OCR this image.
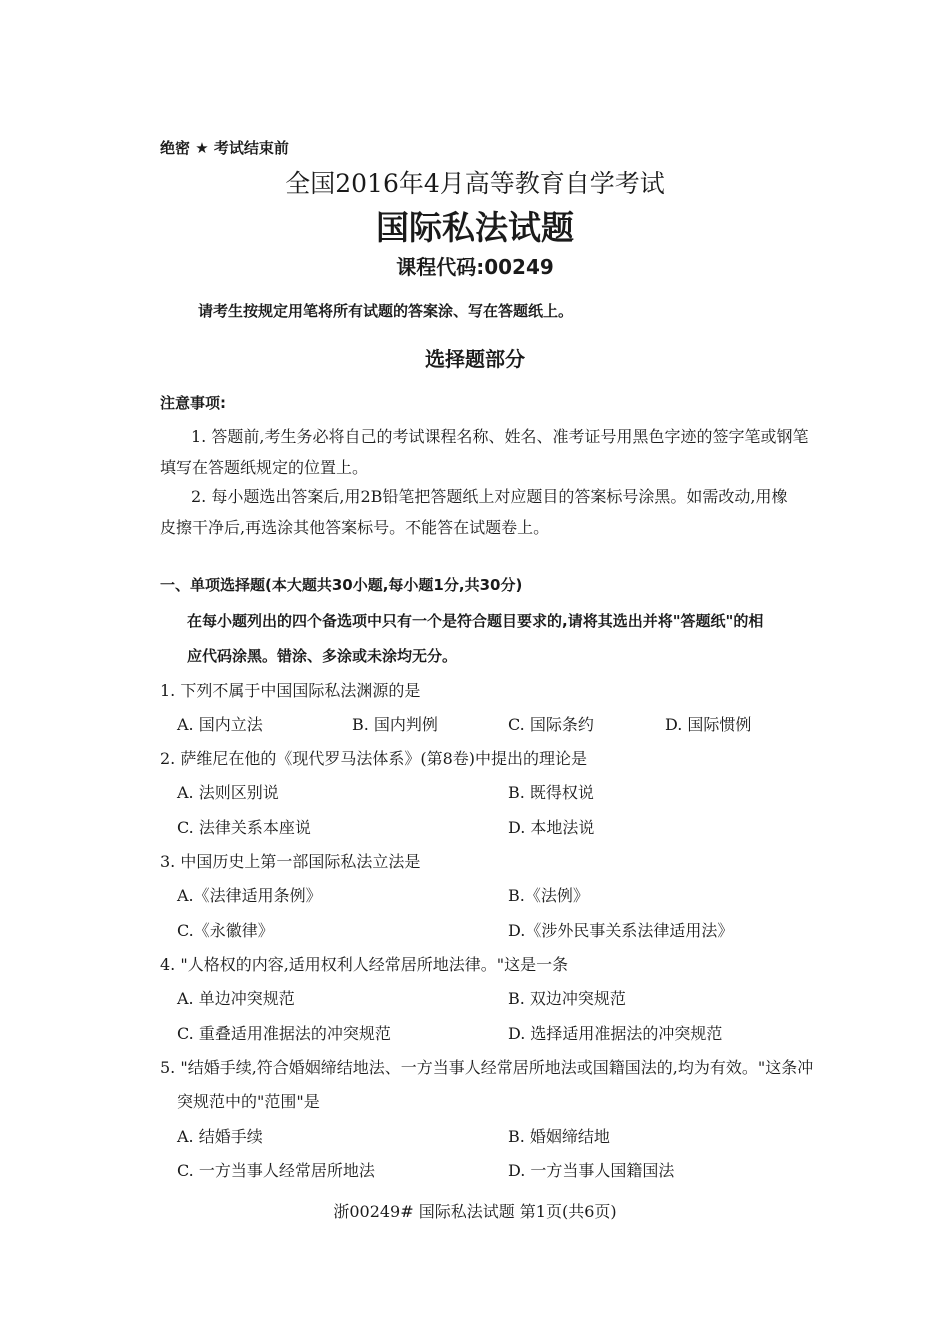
绝密 ★ 考试结束前
全国2016年4月高等教育自学考试
国际私法试题
课程代码:00249
请考生按规定用笔将所有试题的答案涂、写在答题纸上。
选择题部分
注意事项:
1. 答题前,考生务必将自己的考试课程名称、姓名、准考证号用黑色字迹的签字笔或钢笔
填写在答题纸规定的位置上。
2. 每小题选出答案后,用2B铅笔把答题纸上对应题目的答案标号涂黑。如需改动,用橡
皮擦干净后,再选涂其他答案标号。不能答在试题卷上。
一、单项选择题(本大题共30小题,每小题1分,共30分)
在每小题列出的四个备选项中只有一个是符合题目要求的,请将其选出并将"答题纸"的相
应代码涂黑。错涂、多涂或未涂均无分。
1. 下列不属于中国国际私法渊源的是
A. 国内立法	B. 国内判例	C. 国际条约	D. 国际惯例
2. 萨维尼在他的《现代罗马法体系》(第8卷)中提出的理论是
A. 法则区别说	B. 既得权说
C. 法律关系本座说	D. 本地法说
3. 中国历史上第一部国际私法立法是
A.《法律适用条例》	B.《法例》
C.《永徽律》	D.《涉外民事关系法律适用法》
4. "人格权的内容,适用权利人经常居所地法律。"这是一条
A. 单边冲突规范	B. 双边冲突规范
C. 重叠适用准据法的冲突规范	D. 选择适用准据法的冲突规范
5. "结婚手续,符合婚姻缔结地法、一方当事人经常居所地法或国籍国法的,均为有效。"这条冲
突规范中的"范围"是
A. 结婚手续	B. 婚姻缔结地
C. 一方当事人经常居所地法	D. 一方当事人国籍国法
浙00249# 国际私法试题 第1页(共6页)
